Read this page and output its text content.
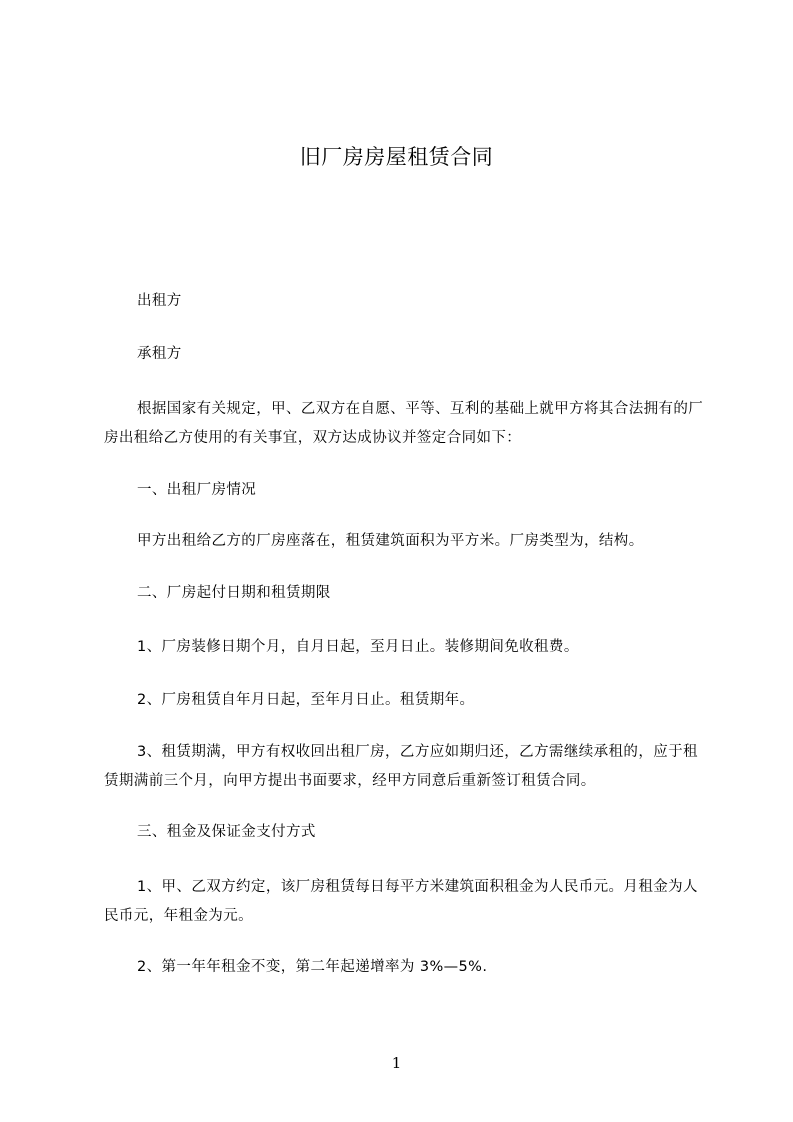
旧厂房房屋租赁合同
出租方
承租方
根据国家有关规定，甲、乙双方在自愿、平等、互利的基础上就甲方将其合法拥有的厂房出租给乙方使用的有关事宜，双方达成协议并签定合同如下：
一、出租厂房情况
甲方出租给乙方的厂房座落在，租赁建筑面积为平方米。厂房类型为，结构。
二、厂房起付日期和租赁期限
1、厂房装修日期个月，自月日起，至月日止。装修期间免收租费。
2、厂房租赁自年月日起，至年月日止。租赁期年。
3、租赁期满，甲方有权收回出租厂房，乙方应如期归还，乙方需继续承租的，应于租赁期满前三个月，向甲方提出书面要求，经甲方同意后重新签订租赁合同。
三、租金及保证金支付方式
1、甲、乙双方约定，该厂房租赁每日每平方米建筑面积租金为人民币元。月租金为人民币元，年租金为元。
2、第一年年租金不变，第二年起递增率为 3%—5%.
1
